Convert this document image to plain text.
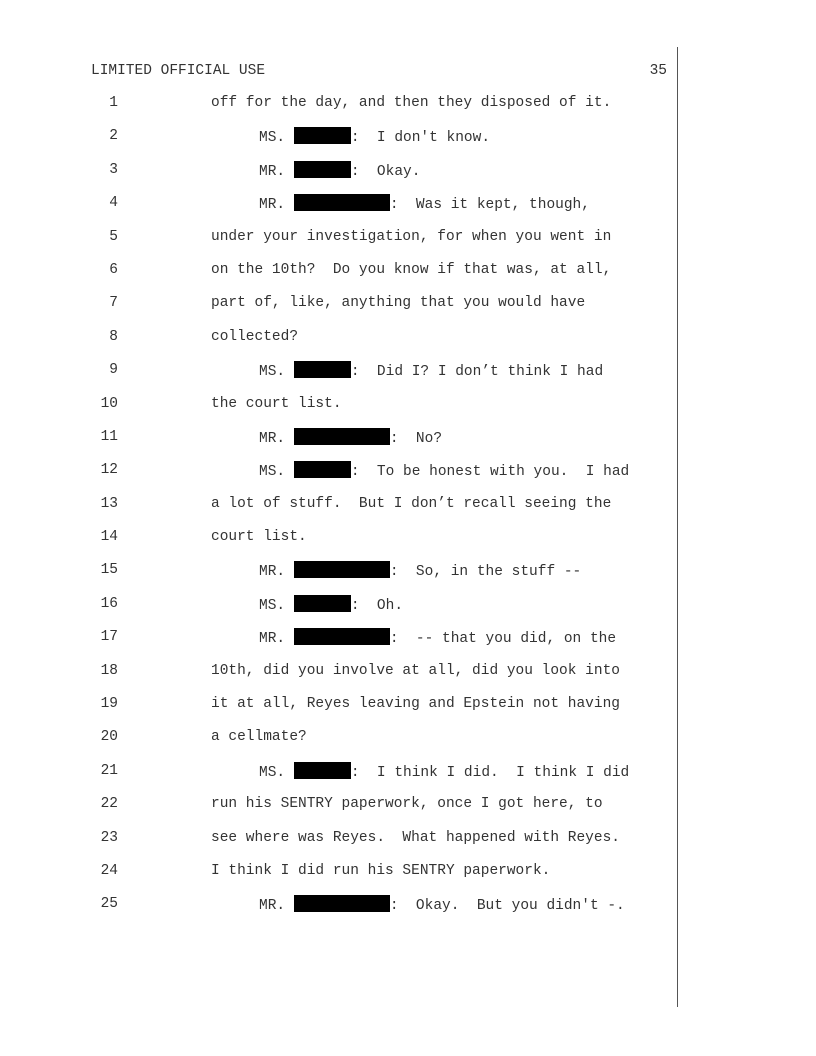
LIMITED OFFICIAL USE	35
1	off for the day, and then they disposed of it.
2	MS.	:  I don't know.
3	MR.	:  Okay.
4	MR.	:  Was it kept, though,
5	under your investigation, for when you went in
6	on the 10th?  Do you know if that was, at all,
7	part of, like, anything that you would have
8	collected?
9	MS.	:  Did I? I don’t think I had
10	the court list.
11	MR.	:  No?
12	MS.	:  To be honest with you.  I had
13	a lot of stuff.  But I don’t recall seeing the
14	court list.
15	MR.	:  So, in the stuff --
16	MS.	:  Oh.
17	MR.	:  -- that you did, on the
18	10th, did you involve at all, did you look into
19	it at all, Reyes leaving and Epstein not having
20	a cellmate?
21	MS.	:  I think I did.  I think I did
22	run his SENTRY paperwork, once I got here, to
23	see where was Reyes.  What happened with Reyes.
24	I think I did run his SENTRY paperwork.
25	MR.	:  Okay.  But you didn't -.
